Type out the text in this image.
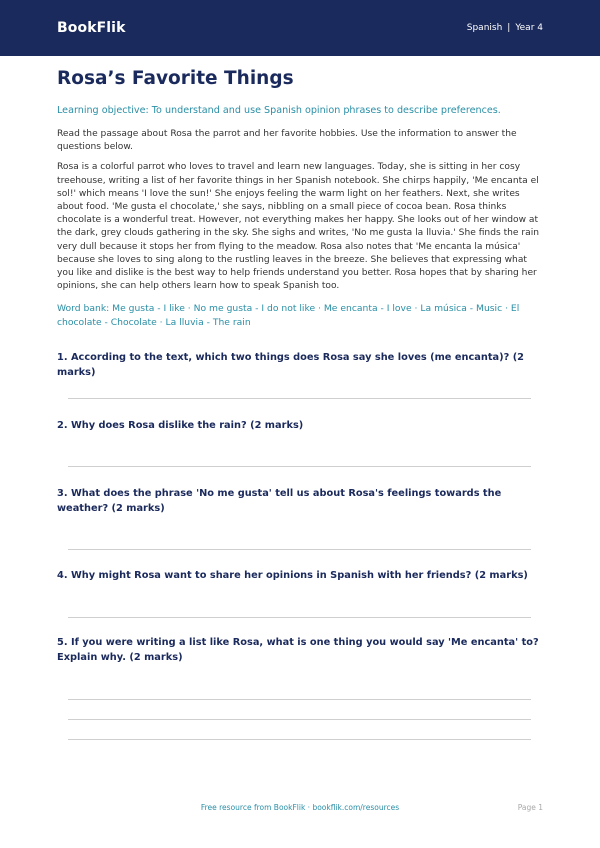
BookFlik	Spanish | Year 4
Rosa’s Favorite Things
Learning objective: To understand and use Spanish opinion phrases to describe preferences.
Read the passage about Rosa the parrot and her favorite hobbies. Use the information to answer the questions below.
Rosa is a colorful parrot who loves to travel and learn new languages. Today, she is sitting in her cosy treehouse, writing a list of her favorite things in her Spanish notebook. She chirps happily, 'Me encanta el sol!' which means 'I love the sun!' She enjoys feeling the warm light on her feathers. Next, she writes about food. 'Me gusta el chocolate,' she says, nibbling on a small piece of cocoa bean. Rosa thinks chocolate is a wonderful treat. However, not everything makes her happy. She looks out of her window at the dark, grey clouds gathering in the sky. She sighs and writes, 'No me gusta la lluvia.' She finds the rain very dull because it stops her from flying to the meadow. Rosa also notes that 'Me encanta la música' because she loves to sing along to the rustling leaves in the breeze. She believes that expressing what you like and dislike is the best way to help friends understand you better. Rosa hopes that by sharing her opinions, she can help others learn how to speak Spanish too.
Word bank: Me gusta - I like · No me gusta - I do not like · Me encanta - I love · La música - Music · El chocolate - Chocolate · La lluvia - The rain
1. According to the text, which two things does Rosa say she loves (me encanta)? (2 marks)
2. Why does Rosa dislike the rain? (2 marks)
3. What does the phrase 'No me gusta' tell us about Rosa's feelings towards the weather? (2 marks)
4. Why might Rosa want to share her opinions in Spanish with her friends? (2 marks)
5. If you were writing a list like Rosa, what is one thing you would say 'Me encanta' to? Explain why. (2 marks)
Free resource from BookFlik · bookflik.com/resources	Page 1
